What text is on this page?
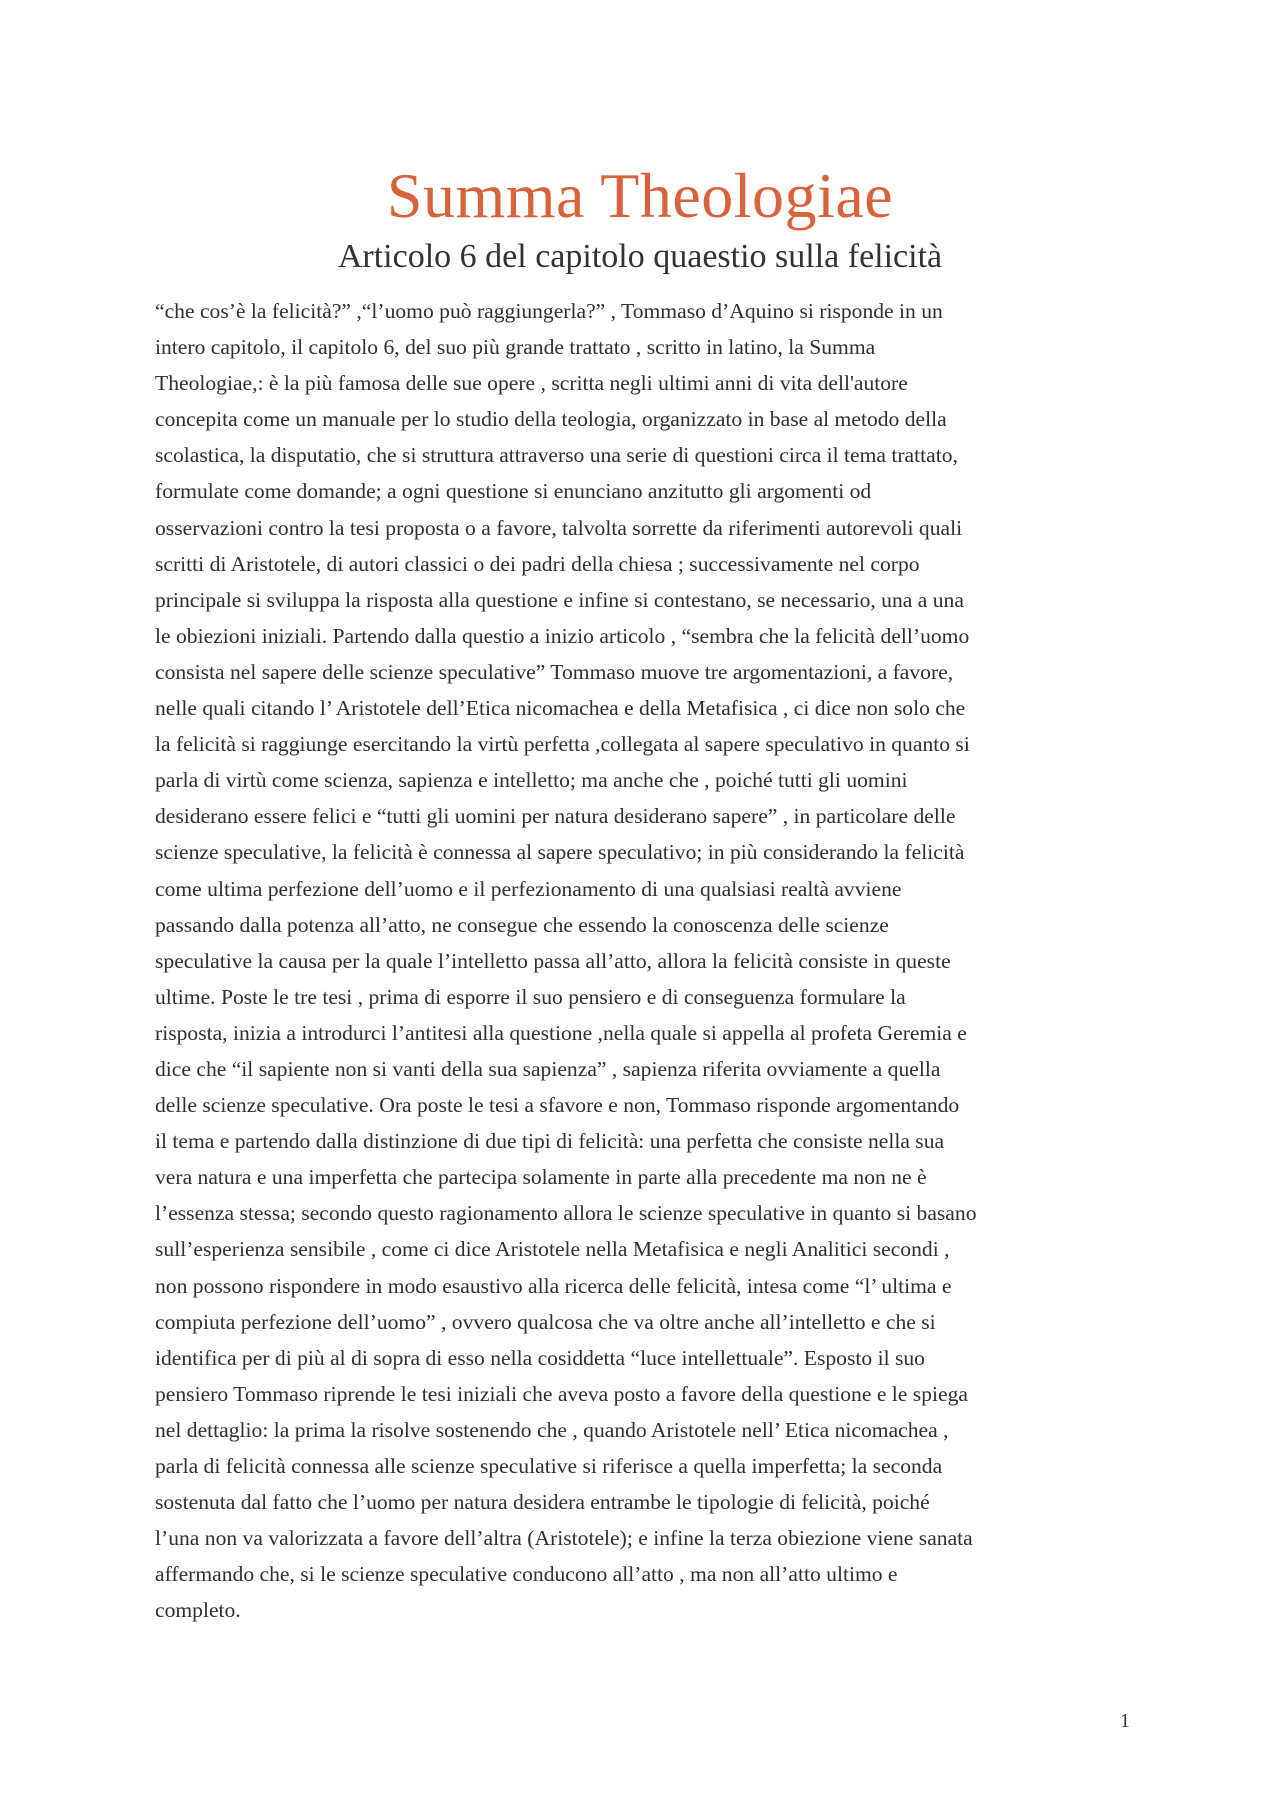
Summa Theologiae
Articolo 6 del capitolo quaestio sulla felicità
“che cos’è la felicità?” ,“l’uomo può raggiungerla?” , Tommaso d’Aquino si risponde in un
intero capitolo, il capitolo 6, del suo più grande trattato , scritto in latino, la Summa
Theologiae,: è la più famosa delle sue opere , scritta negli ultimi anni di vita dell'autore
concepita come un manuale per lo studio della teologia, organizzato in base al metodo della
scolastica, la disputatio, che si struttura attraverso una serie di questioni circa il tema trattato,
formulate come domande; a ogni questione si enunciano anzitutto gli argomenti od
osservazioni contro la tesi proposta o a favore, talvolta sorrette da riferimenti autorevoli quali
scritti di Aristotele, di autori classici o dei padri della chiesa ; successivamente nel corpo
principale si sviluppa la risposta alla questione e infine si contestano, se necessario, una a una
le obiezioni iniziali. Partendo dalla questio a inizio articolo , “sembra che la felicità dell’uomo
consista nel sapere delle scienze speculative” Tommaso muove tre argomentazioni, a favore,
nelle quali citando l’ Aristotele dell’Etica nicomachea e della Metafisica , ci dice non solo che
la felicità si raggiunge esercitando la virtù perfetta ,collegata al sapere speculativo in quanto si
parla di virtù come scienza, sapienza e intelletto; ma anche che , poiché tutti gli uomini
desiderano essere felici e “tutti gli uomini per natura desiderano sapere” , in particolare delle
scienze speculative, la felicità è connessa al sapere speculativo; in più considerando la felicità
come ultima perfezione dell’uomo e il perfezionamento di una qualsiasi realtà avviene
passando dalla potenza all’atto, ne consegue che essendo la conoscenza delle scienze
speculative la causa per la quale l’intelletto passa all’atto, allora la felicità consiste in queste
ultime. Poste le tre tesi , prima di esporre il suo pensiero e di conseguenza formulare la
risposta, inizia a introdurci l’antitesi alla questione ,nella quale si appella al profeta Geremia e
dice che “il sapiente non si vanti della sua sapienza” , sapienza riferita ovviamente a quella
delle scienze speculative. Ora poste le tesi a sfavore e non, Tommaso risponde argomentando
il tema e partendo dalla distinzione di due tipi di felicità: una perfetta che consiste nella sua
vera natura e una imperfetta che partecipa solamente in parte alla precedente ma non ne è
l’essenza stessa; secondo questo ragionamento allora le scienze speculative in quanto si basano
sull’esperienza sensibile , come ci dice Aristotele nella Metafisica e negli Analitici secondi ,
non possono rispondere in modo esaustivo alla ricerca delle felicità, intesa come “l’ ultima e
compiuta perfezione dell’uomo” , ovvero qualcosa che va oltre anche all’intelletto e che si
identifica per di più al di sopra di esso nella cosiddetta “luce intellettuale”. Esposto il suo
pensiero Tommaso riprende le tesi iniziali che aveva posto a favore della questione e le spiega
nel dettaglio: la prima la risolve sostenendo che , quando Aristotele nell’ Etica nicomachea ,
parla di felicità connessa alle scienze speculative si riferisce a quella imperfetta; la seconda
sostenuta dal fatto che l’uomo per natura desidera entrambe le tipologie di felicità, poiché
l’una non va valorizzata a favore dell’altra (Aristotele); e infine la terza obiezione viene sanata
affermando che, si le scienze speculative conducono all’atto , ma non all’atto ultimo e
completo.
1
